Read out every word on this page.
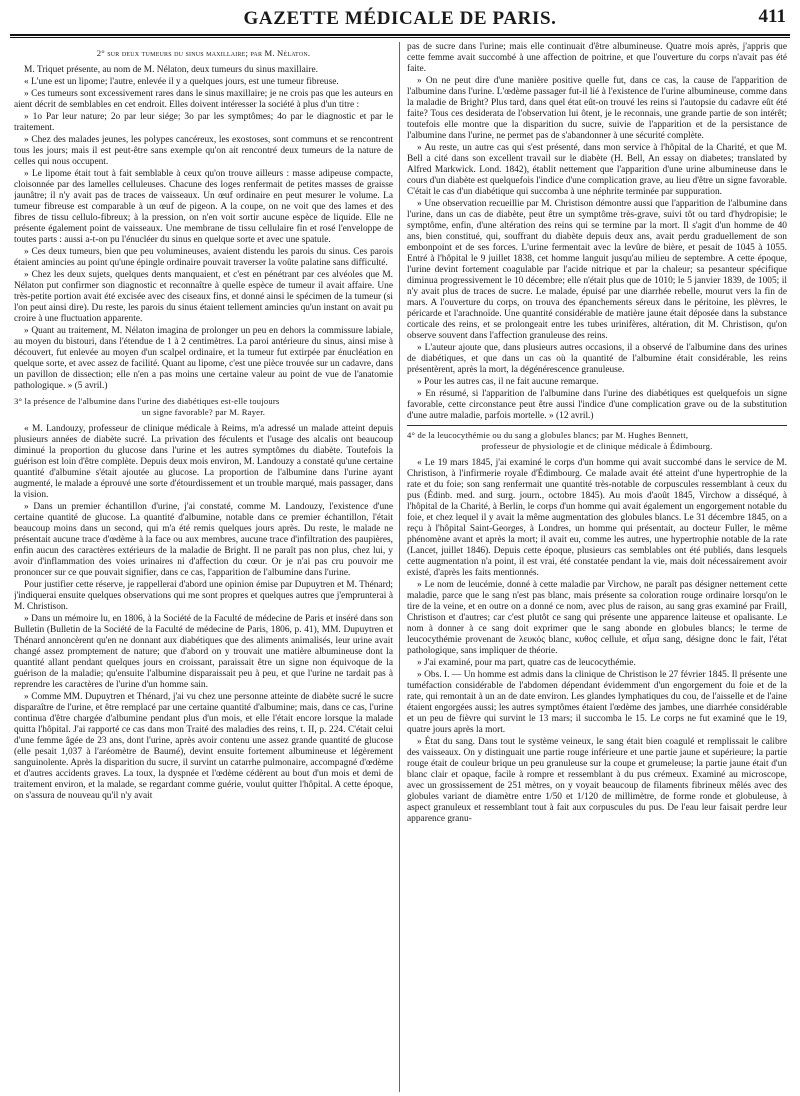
GAZETTE MÉDICALE DE PARIS.	411
2° sur deux tumeurs du sinus maxillaire; par M. Nélaton.

M. Triquet présente, au nom de M. Nélaton, deux tumeurs du sinus maxillaire.

« L'une est un lipome; l'autre, enlevée il y a quelques jours, est une tumeur fibreuse.

» Ces tumeurs sont excessivement rares dans le sinus maxillaire; je ne crois pas que les auteurs en aient décrit de semblables en cet endroit. Elles doivent intéresser la société à plus d'un titre :

» 1o Par leur nature; 2o par leur siége; 3o par les symptômes; 4o par le diagnostic et par le traitement.

» Chez des malades jeunes, les polypes cancéreux, les exostoses, sont communs et se rencontrent tous les jours; mais il est peut-être sans exemple qu'on ait rencontré deux tumeurs de la nature de celles qui nous occupent.

» Le lipome était tout à fait semblable à ceux qu'on trouve ailleurs : masse adipeuse compacte, cloisonnée par des lamelles celluleuses. Chacune des loges renfermait de petites masses de graisse jaunâtre; il n'y avait pas de traces de vaisseaux. Un œuf ordinaire en peut mesurer le volume. La tumeur fibreuse est comparable à un œuf de pigeon. A la coupe, on ne voit que des lames et des fibres de tissu cellulo-fibreux; à la pression, on n'en voit sortir aucune espèce de liquide. Elle ne présente également point de vaisseaux. Une membrane de tissu cellulaire fin et rosé l'enveloppe de toutes parts : aussi a-t-on pu l'énucléer du sinus en quelque sorte et avec une spatule.

» Ces deux tumeurs, bien que peu volumineuses, avaient distendu les parois du sinus. Ces parois étaient amincies au point qu'une épingle ordinaire pouvait traverser la voûte palatine sans difficulté.

» Chez les deux sujets, quelques dents manquaient, et c'est en pénétrant par ces alvéoles que M. Nélaton put confirmer son diagnostic et reconnaître à quelle espèce de tumeur il avait affaire. Une très-petite portion avait été excisée avec des ciseaux fins, et donné ainsi le spécimen de la tumeur (si l'on peut ainsi dire). Du reste, les parois du sinus étaient tellement amincies qu'un instant on avait pu croire à une fluctuation apparente.

» Quant au traitement, M. Nélaton imagina de prolonger un peu en dehors la commissure labiale, au moyen du bistouri, dans l'étendue de 1 à 2 centimètres. La paroi antérieure du sinus, ainsi mise à découvert, fut enlevée au moyen d'un scalpel ordinaire, et la tumeur fut extirpée par énucléation en quelque sorte, et avec assez de facilité. Quant au lipome, c'est une pièce trouvée sur un cadavre, dans un pavillon de dissection; elle n'en a pas moins une certaine valeur au point de vue de l'anatomie pathologique. » (5 avril.)

3° la présence de l'albumine dans l'urine des diabétiques est-elle toujours
un signe favorable? par M. Rayer.

« M. Landouzy, professeur de clinique médicale à Reims, m'a adressé un malade atteint depuis plusieurs années de diabète sucré. La privation des féculents et l'usage des alcalis ont beaucoup diminué la proportion du glucose dans l'urine et les autres symptômes du diabète. Toutefois la guérison est loin d'être complète. Depuis deux mois environ, M. Landouzy a constaté qu'une certaine quantité d'albumine s'était ajoutée au glucose. La proportion de l'albumine dans l'urine ayant augmenté, le malade a éprouvé une sorte d'étourdissement et un trouble marqué, mais passager, dans la vision.

» Dans un premier échantillon d'urine, j'ai constaté, comme M. Landouzy, l'existence d'une certaine quantité de glucose. La quantité d'albumine, notable dans ce premier échantillon, l'était beaucoup moins dans un second, qui m'a été remis quelques jours après. Du reste, le malade ne présentait aucune trace d'œdème à la face ou aux membres, aucune trace d'infiltration des paupières, enfin aucun des caractères extérieurs de la maladie de Bright. Il ne paraît pas non plus, chez lui, y avoir d'inflammation des voies urinaires ni d'affection du cœur. Or je n'ai pas cru pouvoir me prononcer sur ce que pouvait signifier, dans ce cas, l'apparition de l'albumine dans l'urine.

Pour justifier cette réserve, je rappellerai d'abord une opinion émise par Dupuytren et M. Thénard; j'indiquerai ensuite quelques observations qui me sont propres et quelques autres que j'emprunterai à M. Christison.

» Dans un mémoire lu, en 1806, à la Société de la Faculté de médecine de Paris et inséré dans son Bulletin (Bulletin de la Société de la Faculté de médecine de Paris, 1806, p. 41), MM. Dupuytren et Thénard annoncèrent qu'en ne donnant aux diabétiques que des aliments animalisés, leur urine avait changé assez promptement de nature; que d'abord on y trouvait une matière albumineuse dont la quantité allant pendant quelques jours en croissant, paraissait être un signe non équivoque de la guérison de la maladie; qu'ensuite l'albumine disparaissait peu à peu, et que l'urine ne tardait pas à reprendre les caractères de l'urine d'un homme sain.

» Comme MM. Dupuytren et Thénard, j'ai vu chez une personne atteinte de diabète sucré le sucre disparaître de l'urine, et être remplacé par une certaine quantité d'albumine; mais, dans ce cas, l'urine continua d'être chargée d'albumine pendant plus d'un mois, et elle l'était encore lorsque la malade quitta l'hôpital. J'ai rapporté ce cas dans mon Traité des maladies des reins, t. II, p. 224. C'était celui d'une femme âgée de 23 ans, dont l'urine, après avoir contenu une assez grande quantité de glucose (elle pesait 1,037 à l'aréomètre de Baumé), devint ensuite fortement albumineuse et légèrement sanguinolente. Après la disparition du sucre, il survint un catarrhe pulmonaire, accompagné d'œdème et d'autres accidents graves. La toux, la dyspnée et l'œdème cédèrent au bout d'un mois et demi de traitement environ, et la malade, se regardant comme guérie, voulut quitter l'hôpital. A cette époque, on s'assura de nouveau qu'il n'y avait

pas de sucre dans l'urine; mais elle continuait d'être albumineuse. Quatre mois après, j'appris que cette femme avait succombé à une affection de poitrine, et que l'ouverture du corps n'avait pas été faite.

» On ne peut dire d'une manière positive quelle fut, dans ce cas, la cause de l'apparition de l'albumine dans l'urine. L'œdème passager fut-il lié à l'existence de l'urine albumineuse, comme dans la maladie de Bright? Plus tard, dans quel état eût-on trouvé les reins si l'autopsie du cadavre eût été faite? Tous ces desiderata de l'observation lui ôtent, je le reconnais, une grande partie de son intérêt; toutefois elle montre que la disparition du sucre, suivie de l'apparition et de la persistance de l'albumine dans l'urine, ne permet pas de s'abandonner à une sécurité complète.

» Au reste, un autre cas qui s'est présenté, dans mon service à l'hôpital de la Charité, et que M. Bell a cité dans son excellent travail sur le diabète (H. Bell, An essay on diabetes; translated by Alfred Markwick. Lond. 1842), établit nettement que l'apparition d'une urine albumineuse dans le cours d'un diabète est quelquefois l'indice d'une complication grave, au lieu d'être un signe favorable. C'était le cas d'un diabétique qui succomba à une néphrite terminée par suppuration.

» Une observation recueillie par M. Christison démontre aussi que l'apparition de l'albumine dans l'urine, dans un cas de diabète, peut être un symptôme très-grave, suivi tôt ou tard d'hydropisie; le symptôme, enfin, d'une altération des reins qui se termine par la mort. Il s'agit d'un homme de 40 ans, bien constitué, qui, souffrant du diabète depuis deux ans, avait perdu graduellement de son embonpoint et de ses forces. L'urine fermentait avec la levûre de bière, et pesait de 1045 à 1055. Entré à l'hôpital le 9 juillet 1838, cet homme languit jusqu'au milieu de septembre. A cette époque, l'urine devint fortement coagulable par l'acide nitrique et par la chaleur; sa pesanteur spécifique diminua progressivement le 10 décembre; elle n'était plus que de 1010; le 5 janvier 1839, de 1005; il n'y avait plus de traces de sucre. Le malade, épuisé par une diarrhée rebelle, mourut vers la fin de mars. A l'ouverture du corps, on trouva des épanchements séreux dans le péritoine, les plèvres, le péricarde et l'arachnoïde. Une quantité considérable de matière jaune était déposée dans la substance corticale des reins, et se prolongeait entre les tubes urinifères, altération, dit M. Christison, qu'on observe souvent dans l'affection granuleuse des reins.

» L'auteur ajoute que, dans plusieurs autres occasions, il a observé de l'albumine dans des urines de diabétiques, et que dans un cas où la quantité de l'albumine était considérable, les reins présentèrent, après la mort, la dégénérescence granuleuse.

» Pour les autres cas, il ne fait aucune remarque.

» En résumé, si l'apparition de l'albumine dans l'urine des diabétiques est quelquefois un signe favorable, cette circonstance peut être aussi l'indice d'une complication grave ou de la substitution d'une autre maladie, parfois mortelle. » (12 avril.)

4° de la leucocythémie ou du sang a globules blancs; par M. Hughes Bennett,
professeur de physiologie et de clinique médicale à Édimbourg.

« Le 19 mars 1845, j'ai examiné le corps d'un homme qui avait succombé dans le service de M. Christison, à l'infirmerie royale d'Édimbourg. Ce malade avait été atteint d'une hypertrophie de la rate et du foie; son sang renfermait une quantité très-notable de corpuscules ressemblant à ceux du pus (Édinb. med. and surg. journ., octobre 1845). Au mois d'août 1845, Virchow a disséqué, à l'hôpital de la Charité, à Berlin, le corps d'un homme qui avait également un engorgement notable du foie, et chez lequel il y avait la même augmentation des globules blancs. Le 31 décembre 1845, on a reçu à l'hôpital Saint-Georges, à Londres, un homme qui présentait, au docteur Fuller, le même phénomène avant et après la mort; il avait eu, comme les autres, une hypertrophie notable de la rate (Lancet, juillet 1846). Depuis cette époque, plusieurs cas semblables ont été publiés, dans lesquels cette augmentation n'a point, il est vrai, été constatée pendant la vie, mais doit nécessairement avoir existé, d'après les faits mentionnés.

» Le nom de leucémie, donné à cette maladie par Virchow, ne paraît pas désigner nettement cette maladie, parce que le sang n'est pas blanc, mais présente sa coloration rouge ordinaire lorsqu'on le tire de la veine, et en outre on a donné ce nom, avec plus de raison, au sang gras examiné par Fraill, Christison et d'autres; car c'est plutôt ce sang qui présente une apparence laiteuse et opalisante. Le nom à donner à ce sang doit exprimer que le sang abonde en globules blancs; le terme de leucocythémie provenant de λευκός blanc, κυθος cellule, et αἷμα sang, désigne donc le fait, l'état pathologique, sans impliquer de théorie.

» J'ai examiné, pour ma part, quatre cas de leucocythémie.

» Obs. I. — Un homme est admis dans la clinique de Christison le 27 février 1845. Il présente une tuméfaction considérable de l'abdomen dépendant évidemment d'un engorgement du foie et de la rate, qui remontait à un an de date environ. Les glandes lymphatiques du cou, de l'aisselle et de l'aine étaient engorgées aussi; les autres symptômes étaient l'œdème des jambes, une diarrhée considérable et un peu de fièvre qui survint le 13 mars; il succomba le 15. Le corps ne fut examiné que le 19, quatre jours après la mort.

» État du sang. Dans tout le système veineux, le sang était bien coagulé et remplissait le calibre des vaisseaux. On y distinguait une partie rouge inférieure et une partie jaune et supérieure; la partie rouge était de couleur brique un peu granuleuse sur la coupe et grumeleuse; la partie jaune était d'un blanc clair et opaque, facile à rompre et ressemblant à du pus crémeux. Examiné au microscope, avec un grossissement de 251 mètres, on y voyait beaucoup de filaments fibrineux mêlés avec des globules variant de diamètre entre 1/50 et 1/120 de millimètre, de forme ronde et globuleuse, à aspect granuleux et ressemblant tout à fait aux corpuscules du pus. De l'eau leur faisait perdre leur apparence granu-
